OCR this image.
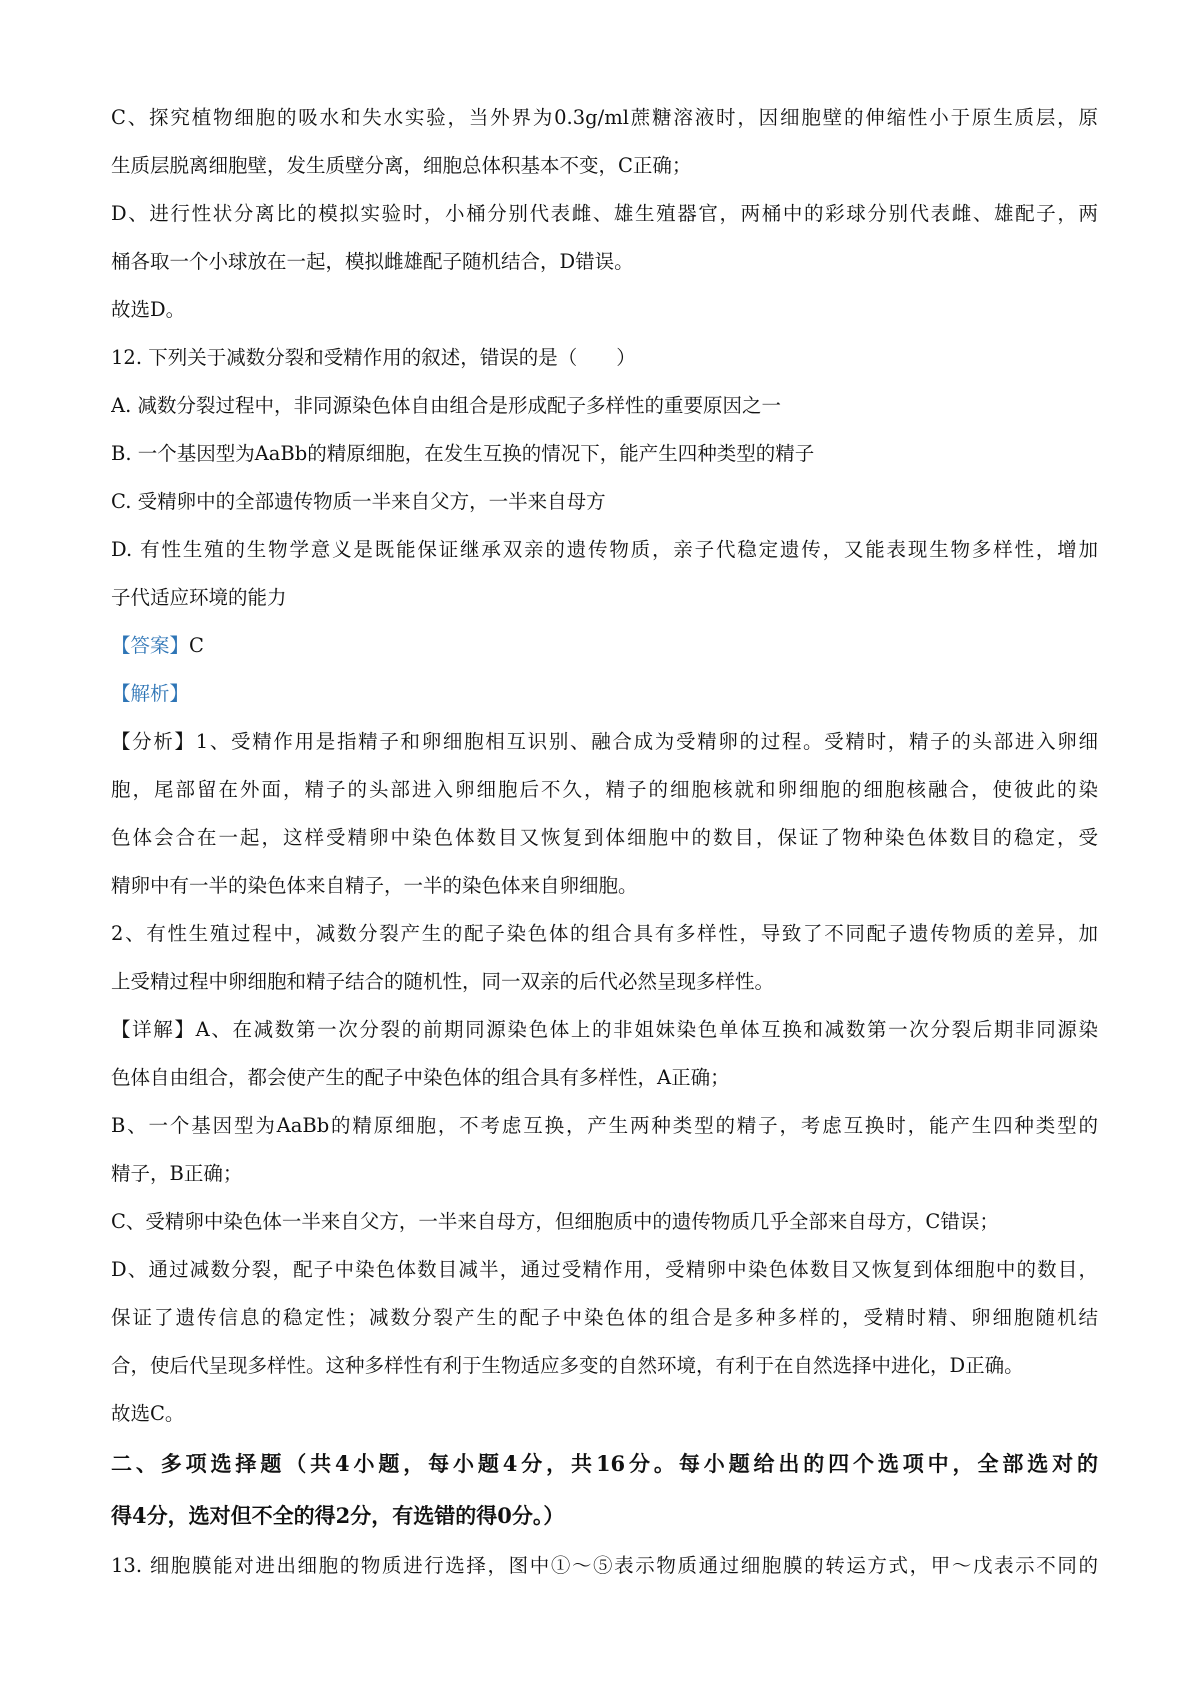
C、探究植物细胞的吸水和失水实验，当外界为0.3g/ml蔗糖溶液时，因细胞壁的伸缩性小于原生质层，原
生质层脱离细胞壁，发生质壁分离，细胞总体积基本不变，C正确；
D、进行性状分离比的模拟实验时，小桶分别代表雌、雄生殖器官，两桶中的彩球分别代表雌、雄配子，两
桶各取一个小球放在一起，模拟雌雄配子随机结合，D错误。
故选D。
12. 下列关于减数分裂和受精作用的叙述，错误的是（　　）
A. 减数分裂过程中，非同源染色体自由组合是形成配子多样性的重要原因之一
B. 一个基因型为AaBb的精原细胞，在发生互换的情况下，能产生四种类型的精子
C. 受精卵中的全部遗传物质一半来自父方，一半来自母方
D. 有性生殖的生物学意义是既能保证继承双亲的遗传物质，亲子代稳定遗传，又能表现生物多样性，增加
子代适应环境的能力
【答案】C
【解析】
【分析】1、受精作用是指精子和卵细胞相互识别、融合成为受精卵的过程。受精时，精子的头部进入卵细
胞，尾部留在外面，精子的头部进入卵细胞后不久，精子的细胞核就和卵细胞的细胞核融合，使彼此的染
色体会合在一起，这样受精卵中染色体数目又恢复到体细胞中的数目，保证了物种染色体数目的稳定，受
精卵中有一半的染色体来自精子，一半的染色体来自卵细胞。
2、有性生殖过程中，减数分裂产生的配子染色体的组合具有多样性，导致了不同配子遗传物质的差异，加
上受精过程中卵细胞和精子结合的随机性，同一双亲的后代必然呈现多样性。
【详解】A、在减数第一次分裂的前期同源染色体上的非姐妹染色单体互换和减数第一次分裂后期非同源染
色体自由组合，都会使产生的配子中染色体的组合具有多样性，A正确；
B、一个基因型为AaBb的精原细胞，不考虑互换，产生两种类型的精子，考虑互换时，能产生四种类型的
精子，B正确；
C、受精卵中染色体一半来自父方，一半来自母方，但细胞质中的遗传物质几乎全部来自母方，C错误；
D、通过减数分裂，配子中染色体数目减半，通过受精作用，受精卵中染色体数目又恢复到体细胞中的数目，
保证了遗传信息的稳定性；减数分裂产生的配子中染色体的组合是多种多样的，受精时精、卵细胞随机结
合，使后代呈现多样性。这种多样性有利于生物适应多变的自然环境，有利于在自然选择中进化，D正确。
故选C。
二、多项选择题（共4小题，每小题4分，共16分。每小题给出的四个选项中，全部选对的
得4分，选对但不全的得2分，有选错的得0分。）
13. 细胞膜能对进出细胞的物质进行选择，图中①～⑤表示物质通过细胞膜的转运方式，甲～戊表示不同的
